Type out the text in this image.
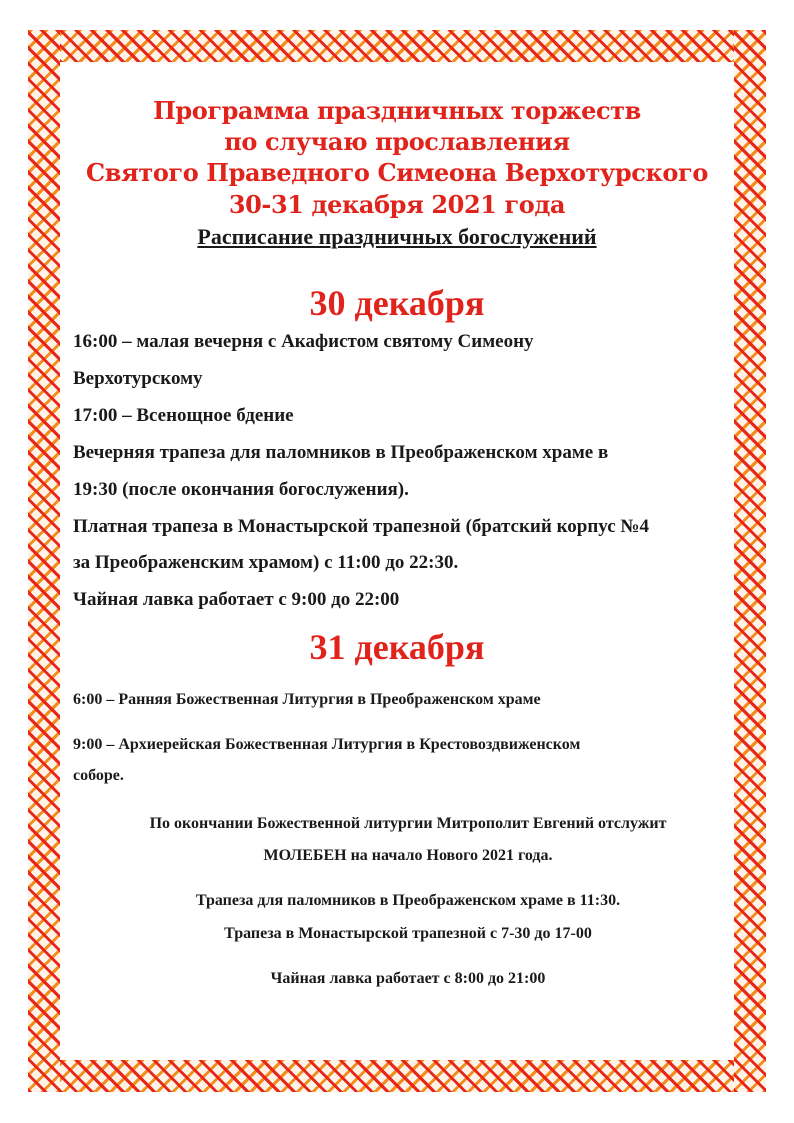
Программа праздничных торжеств
по случаю прославления
Святого Праведного Симеона Верхотурского
30-31 декабря 2021 года
Расписание праздничных богослужений
30 декабря
16:00 – малая вечерня с Акафистом святому Симеону
Верхотурскому
17:00 – Всенощное бдение
Вечерняя трапеза для паломников в Преображенском храме в
19:30 (после окончания богослужения).
Платная трапеза в Монастырской трапезной (братский корпус №4
за Преображенским храмом) с 11:00 до 22:30.
Чайная лавка работает с 9:00 до 22:00
31 декабря
6:00 – Ранняя Божественная Литургия в Преображенском храме
9:00 – Архиерейская Божественная Литургия в Крестовоздвиженском
соборе.
По окончании Божественной литургии Митрополит Евгений отслужит
МОЛЕБЕН на начало Нового 2021 года.
Трапеза для паломников в Преображенском храме в 11:30.
Трапеза в Монастырской трапезной с 7-30 до 17-00
Чайная лавка работает с 8:00 до 21:00
